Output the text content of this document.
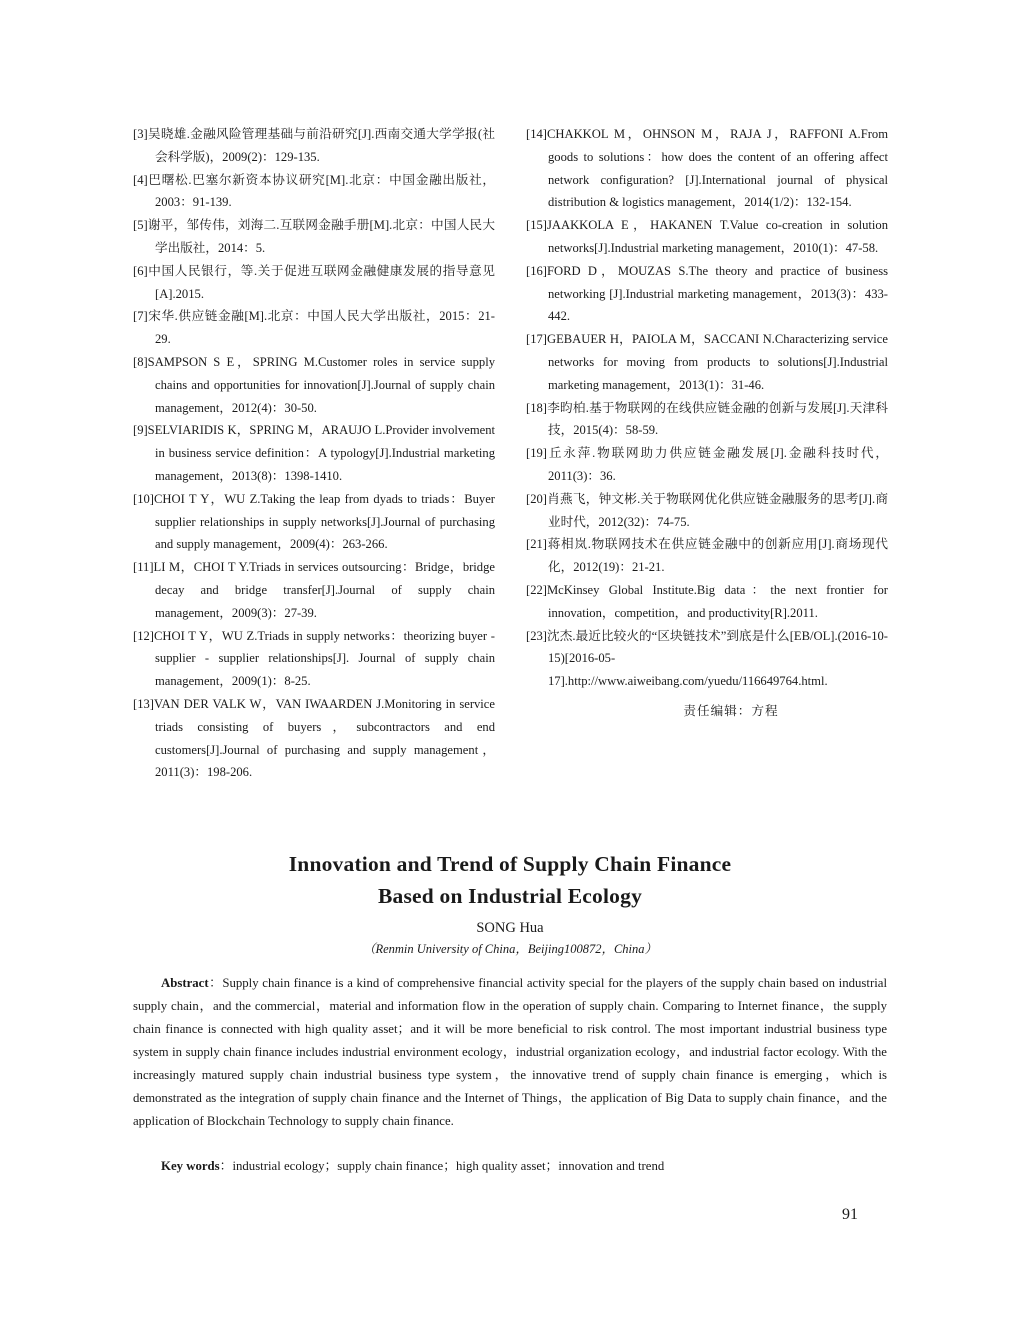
[3]吴晓雄.金融风险管理基础与前沿研究[J].西南交通大学学报(社会科学版)，2009(2)：129-135.

[4]巴曙松.巴塞尔新资本协议研究[M].北京：中国金融出版社，2003：91-139.

[5]谢平，邹传伟，刘海二.互联网金融手册[M].北京：中国人民大学出版社，2014：5.

[6]中国人民银行，等.关于促进互联网金融健康发展的指导意见[A].2015.

[7]宋华.供应链金融[M].北京：中国人民大学出版社，2015：21-29.

[8]SAMPSON S E，SPRING M.Customer roles in service supply chains and opportunities for innovation[J].Journal of supply chain management，2012(4)：30-50.

[9]SELVIARIDIS K，SPRING M，ARAUJO L.Provider involvement in business service definition：A typology[J].Industrial marketing management，2013(8)：1398-1410.

[10]CHOI T Y，WU Z.Taking the leap from dyads to triads：Buyer supplier relationships in supply networks[J].Journal of purchasing and supply management，2009(4)：263-266.

[11]LI M，CHOI T Y.Triads in services outsourcing：Bridge，bridge decay and bridge transfer[J].Journal of supply chain management，2009(3)：27-39.

[12]CHOI T Y，WU Z.Triads in supply networks：theorizing buyer - supplier - supplier relationships[J]. Journal of supply chain management，2009(1)：8-25.

[13]VAN DER VALK W，VAN IWAARDEN J.Monitoring in service triads consisting of buyers，subcontractors and end customers[J].Journal of purchasing and supply management，2011(3)：198-206.

[14]CHAKKOL M，OHNSON M，RAJA J，RAFFONI A.From goods to solutions：how does the content of an offering affect network configuration? [J].International journal of physical distribution & logistics management，2014(1/2)：132-154.

[15]JAAKKOLA E，HAKANEN T.Value co-creation in solution networks[J].Industrial marketing management，2010(1)：47-58.

[16]FORD D，MOUZAS S.The theory and practice of business networking [J].Industrial marketing management，2013(3)：433-442.

[17]GEBAUER H，PAIOLA M，SACCANI N.Characterizing service networks for moving from products to solutions[J].Industrial marketing management，2013(1)：31-46.

[18]李昀柏.基于物联网的在线供应链金融的创新与发展[J].天津科技，2015(4)：58-59.

[19]丘永萍.物联网助力供应链金融发展[J].金融科技时代，2011(3)：36.

[20]肖燕飞，钟文彬.关于物联网优化供应链金融服务的思考[J].商业时代，2012(32)：74-75.

[21]蒋相岚.物联网技术在供应链金融中的创新应用[J].商场现代化，2012(19)：21-21.

[22]McKinsey Global Institute.Big data：the next frontier for innovation，competition，and productivity[R].2011.

[23]沈杰.最近比较火的“区块链技术”到底是什么[EB/OL].(2016-10-15)[2016-05-17].http://www.aiweibang.com/yuedu/116649764.html.

责任编辑：方程

Innovation and Trend of Supply Chain Finance

Based on Industrial Ecology

SONG Hua
（Renmin University of China，Beijing100872，China）

Abstract：Supply chain finance is a kind of comprehensive financial activity special for the players of the supply chain based on industrial supply chain，and the commercial，material and information flow in the operation of supply chain. Comparing to Internet finance，the supply chain finance is connected with high quality asset；and it will be more beneficial to risk control. The most important industrial business type system in supply chain finance includes industrial environment ecology，industrial organization ecology，and industrial factor ecology. With the increasingly matured supply chain industrial business type system，the innovative trend of supply chain finance is emerging，which is demonstrated as the integration of supply chain finance and the Internet of Things，the application of Big Data to supply chain finance，and the application of Blockchain Technology to supply chain finance.

Key words：industrial ecology；supply chain finance；high quality asset；innovation and trend
91
